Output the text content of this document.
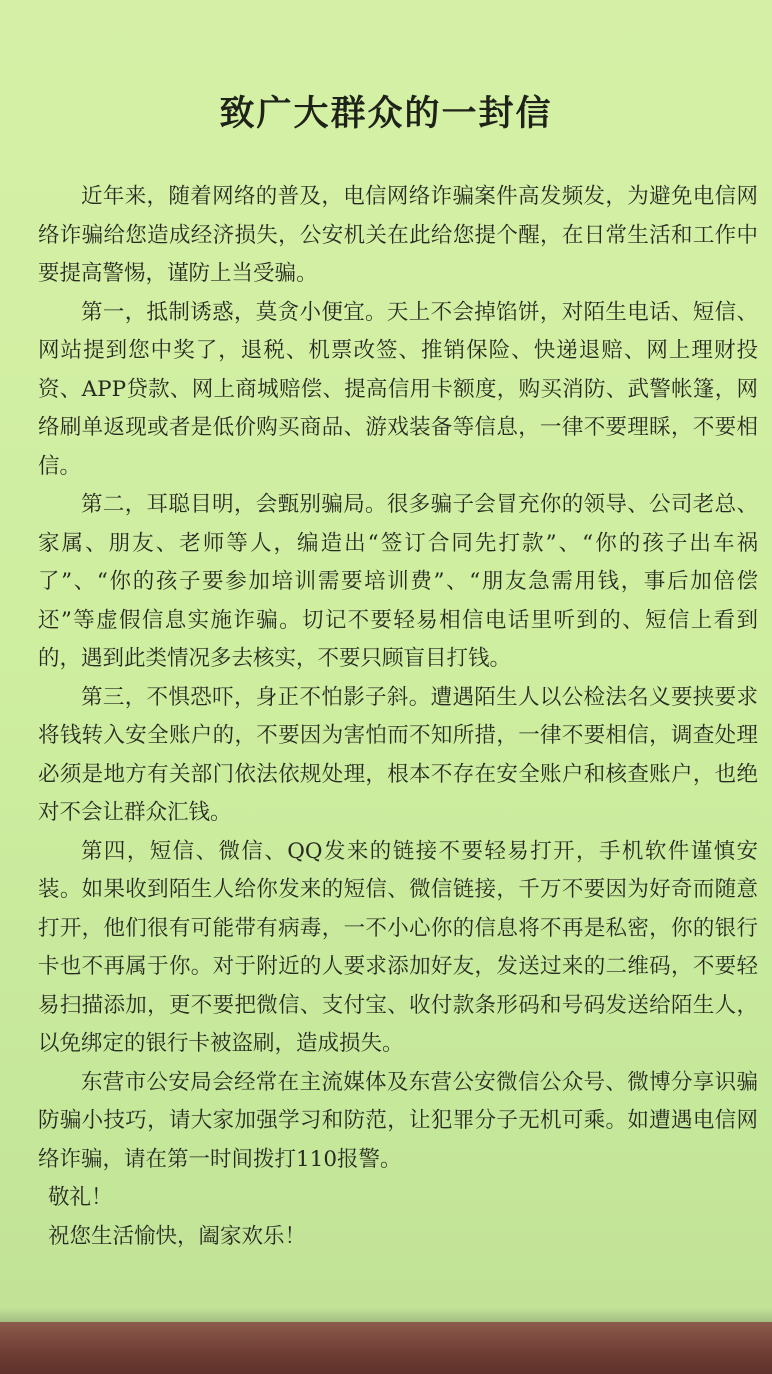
致广大群众的一封信

近年来，随着网络的普及，电信网络诈骗案件高发频发，为避免电信网络诈骗给您造成经济损失，公安机关在此给您提个醒，在日常生活和工作中要提高警惕，谨防上当受骗。

第一，抵制诱惑，莫贪小便宜。天上不会掉馅饼，对陌生电话、短信、网站提到您中奖了，退税、机票改签、推销保险、快递退赔、网上理财投资、APP贷款、网上商城赔偿、提高信用卡额度，购买消防、武警帐篷，网络刷单返现或者是低价购买商品、游戏装备等信息，一律不要理睬，不要相信。

第二，耳聪目明，会甄别骗局。很多骗子会冒充你的领导、公司老总、家属、朋友、老师等人，编造出“签订合同先打款”、“你的孩子出车祸了”、“你的孩子要参加培训需要培训费”、“朋友急需用钱，事后加倍偿还”等虚假信息实施诈骗。切记不要轻易相信电话里听到的、短信上看到的，遇到此类情况多去核实，不要只顾盲目打钱。

第三，不惧恐吓，身正不怕影子斜。遭遇陌生人以公检法名义要挟要求将钱转入安全账户的，不要因为害怕而不知所措，一律不要相信，调查处理必须是地方有关部门依法依规处理，根本不存在安全账户和核查账户，也绝对不会让群众汇钱。

第四，短信、微信、QQ发来的链接不要轻易打开，手机软件谨慎安装。如果收到陌生人给你发来的短信、微信链接，千万不要因为好奇而随意打开，他们很有可能带有病毒，一不小心你的信息将不再是私密，你的银行卡也不再属于你。对于附近的人要求添加好友，发送过来的二维码，不要轻易扫描添加，更不要把微信、支付宝、收付款条形码和号码发送给陌生人，以免绑定的银行卡被盗刷，造成损失。

东营市公安局会经常在主流媒体及东营公安微信公众号、微博分享识骗防骗小技巧，请大家加强学习和防范，让犯罪分子无机可乘。如遭遇电信网络诈骗，请在第一时间拨打110报警。

敬礼！

祝您生活愉快，阖家欢乐！
